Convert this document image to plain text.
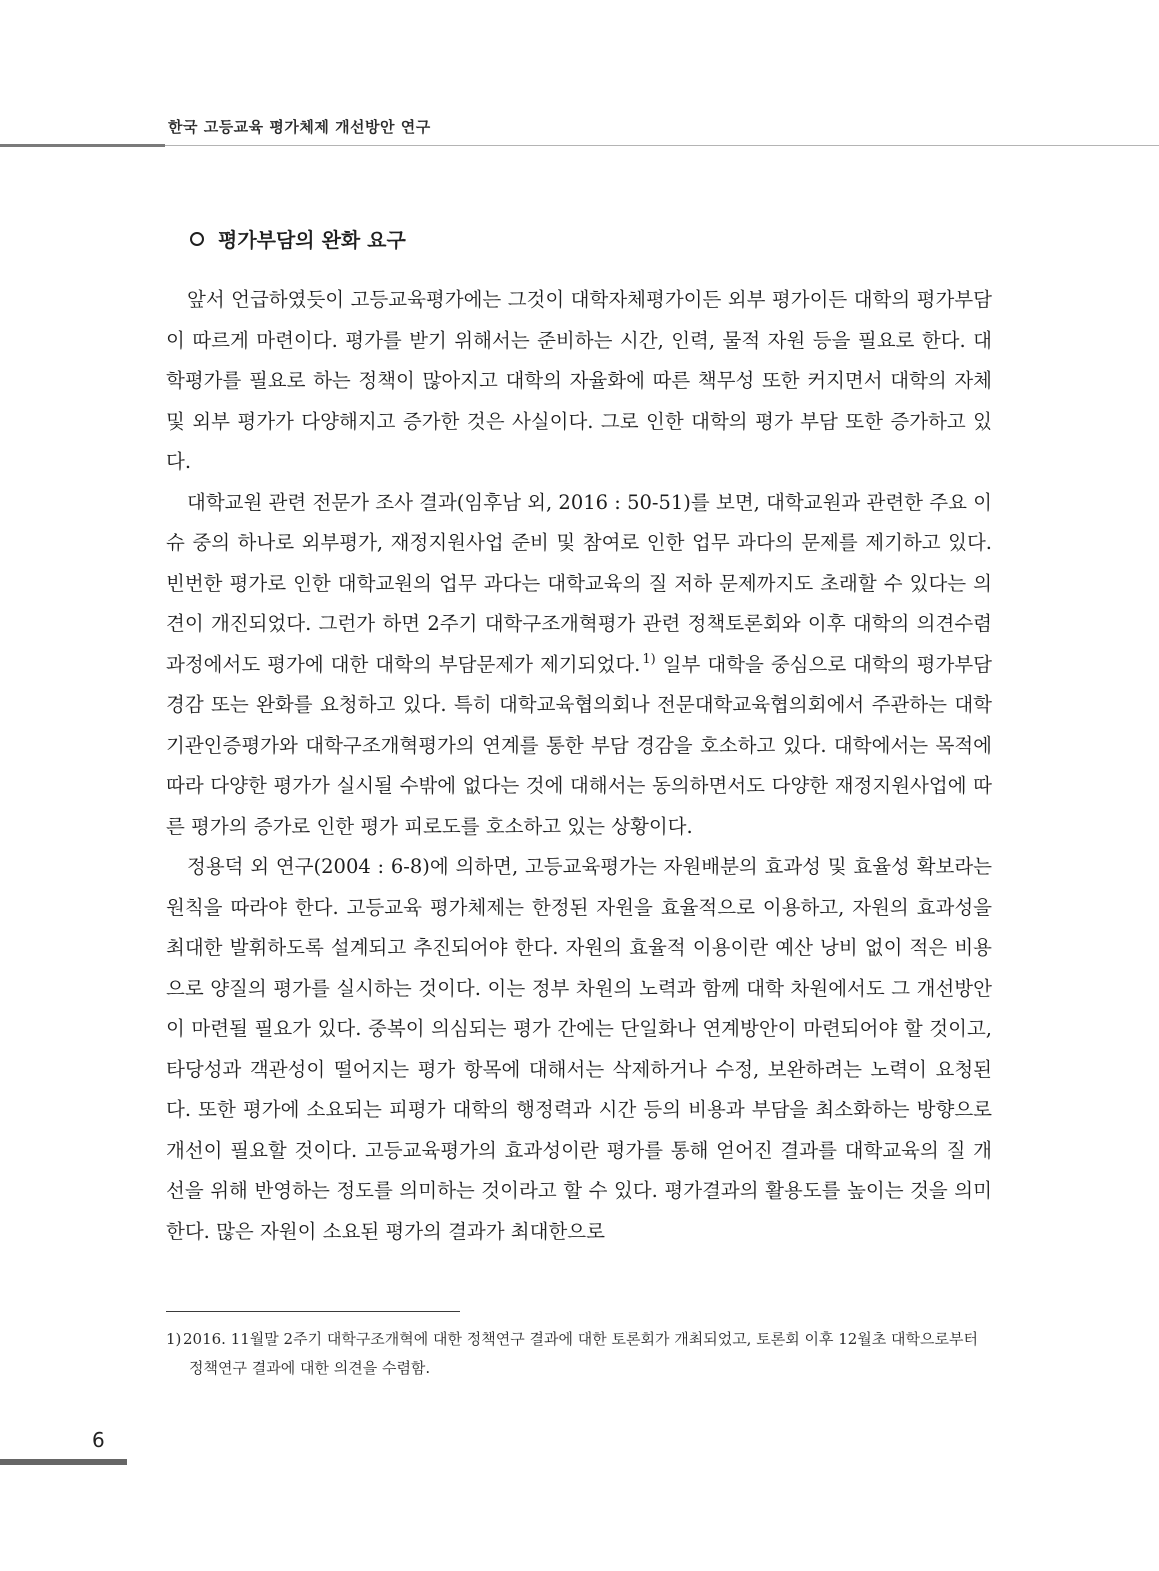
한국 고등교육 평가체제 개선방안 연구
평가부담의 완화 요구

앞서 언급하였듯이 고등교육평가에는 그것이 대학자체평가이든 외부 평가이든 대학의 평가부담이 따르게 마련이다. 평가를 받기 위해서는 준비하는 시간, 인력, 물적 자원 등을 필요로 한다. 대학평가를 필요로 하는 정책이 많아지고 대학의 자율화에 따른 책무성 또한 커지면서 대학의 자체 및 외부 평가가 다양해지고 증가한 것은 사실이다. 그로 인한 대학의 평가 부담 또한 증가하고 있다.

대학교원 관련 전문가 조사 결과(임후남 외, 2016 : 50-51)를 보면, 대학교원과 관련한 주요 이슈 중의 하나로 외부평가, 재정지원사업 준비 및 참여로 인한 업무 과다의 문제를 제기하고 있다. 빈번한 평가로 인한 대학교원의 업무 과다는 대학교육의 질 저하 문제까지도 초래할 수 있다는 의견이 개진되었다. 그런가 하면 2주기 대학구조개혁평가 관련 정책토론회와 이후 대학의 의견수렴 과정에서도 평가에 대한 대학의 부담문제가 제기되었다. $^{1)}$ 일부 대학을 중심으로 대학의 평가부담 경감 또는 완화를 요청하고 있다. 특히 대학교육협의회나 전문대학교육협의회에서 주관하는 대학기관인증평가와 대학구조개혁평가의 연계를 통한 부담 경감을 호소하고 있다. 대학에서는 목적에 따라 다양한 평가가 실시될 수밖에 없다는 것에 대해서는 동의하면서도 다양한 재정지원사업에 따른 평가의 증가로 인한 평가 피로도를 호소하고 있는 상황이다.

정용덕 외 연구(2004 : 6-8)에 의하면, 고등교육평가는 자원배분의 효과성 및 효율성 확보라는 원칙을 따라야 한다. 고등교육 평가체제는 한정된 자원을 효율적으로 이용하고, 자원의 효과성을 최대한 발휘하도록 설계되고 추진되어야 한다. 자원의 효율적 이용이란 예산 낭비 없이 적은 비용으로 양질의 평가를 실시하는 것이다. 이는 정부 차원의 노력과 함께 대학 차원에서도 그 개선방안이 마련될 필요가 있다. 중복이 의심되는 평가 간에는 단일화나 연계방안이 마련되어야 할 것이고, 타당성과 객관성이 떨어지는 평가 항목에 대해서는 삭제하거나 수정, 보완하려는 노력이 요청된다. 또한 평가에 소요되는 피평가 대학의 행정력과 시간 등의 비용과 부담을 최소화하는 방향으로 개선이 필요할 것이다. 고등교육평가의 효과성이란 평가를 통해 얻어진 결과를 대학교육의 질 개선을 위해 반영하는 정도를 의미하는 것이라고 할 수 있다. 평가결과의 활용도를 높이는 것을 의미한다. 많은 자원이 소요된 평가의 결과가 최대한으로

1) 2016. 11월말 2주기 대학구조개혁에 대한 정책연구 결과에 대한 토론회가 개최되었고, 토론회 이후 12월초 대학으로부터 정책연구 결과에 대한 의견을 수렴함.
6
